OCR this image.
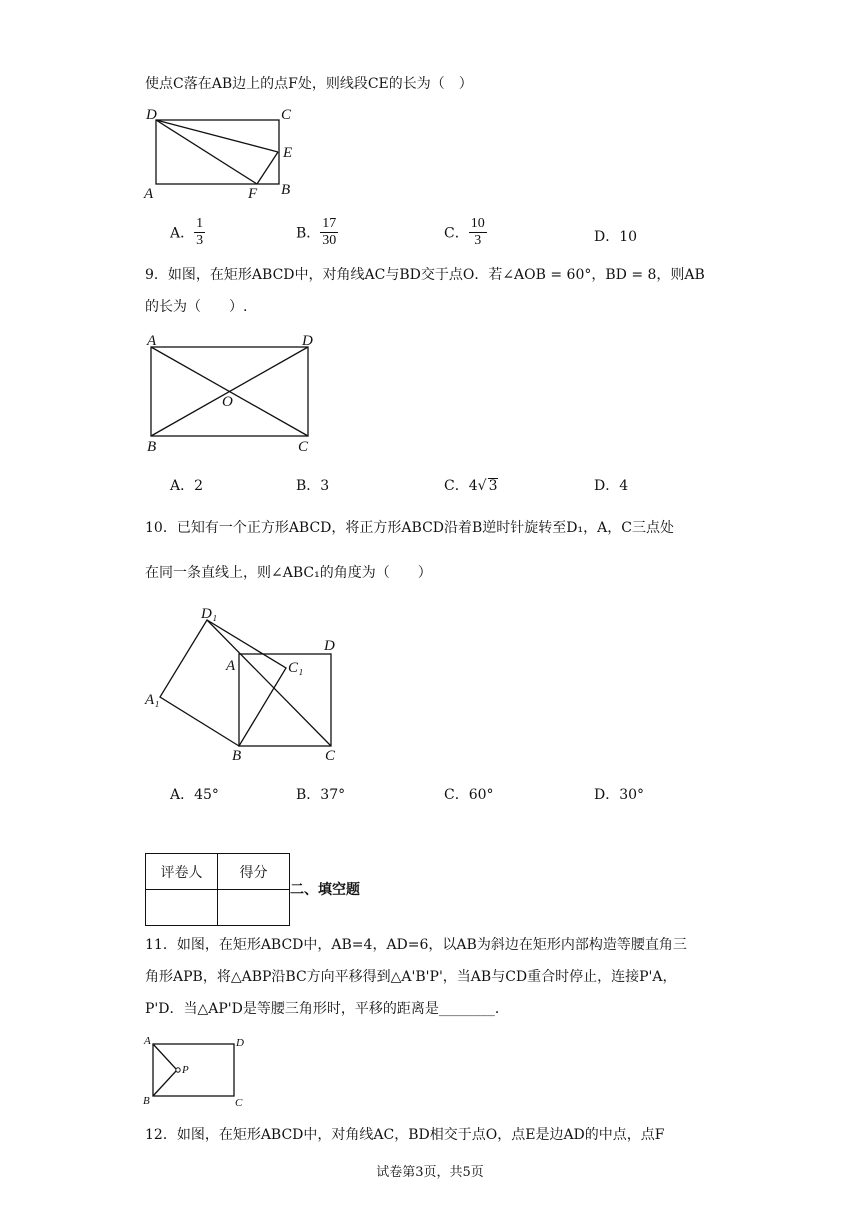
使点C落在AB边上的点F处，则线段CE的长为（　）
D	C
E
A	F B
A． $\frac{1}{3}$	B． $\frac{17}{30}$	C． $\frac{10}{3}$	D．10
9．如图，在矩形ABCD中，对角线AC与BD交于点O．若∠AOB = 60°，BD = 8，则AB
的长为（　　）.
A	D
O
B	C
A．2	B．3	C．4√ 3	D．4
10．已知有一个正方形ABCD，将正方形ABCD沿着B逆时针旋转至D₁，A，C三点处
在同一条直线上，则∠ABC₁的角度为（　　）
D₁
D
A	C₁
A₁
B	C
A．45°	B．37°	C．60°	D．30°
评卷人	得分

二、填空题
11．如图，在矩形ABCD中，AB=4，AD=6，以AB为斜边在矩形内部构造等腰直角三
角形APB，将△ABP沿BC方向平移得到△A'B'P'，当AB与CD重合时停止，连接P'A，
P'D．当△AP'D是等腰三角形时，平移的距离是________．
A	D
P
B	C
12．如图，在矩形ABCD中，对角线AC，BD相交于点O，点E是边AD的中点，点F
试卷第3页，共5页
